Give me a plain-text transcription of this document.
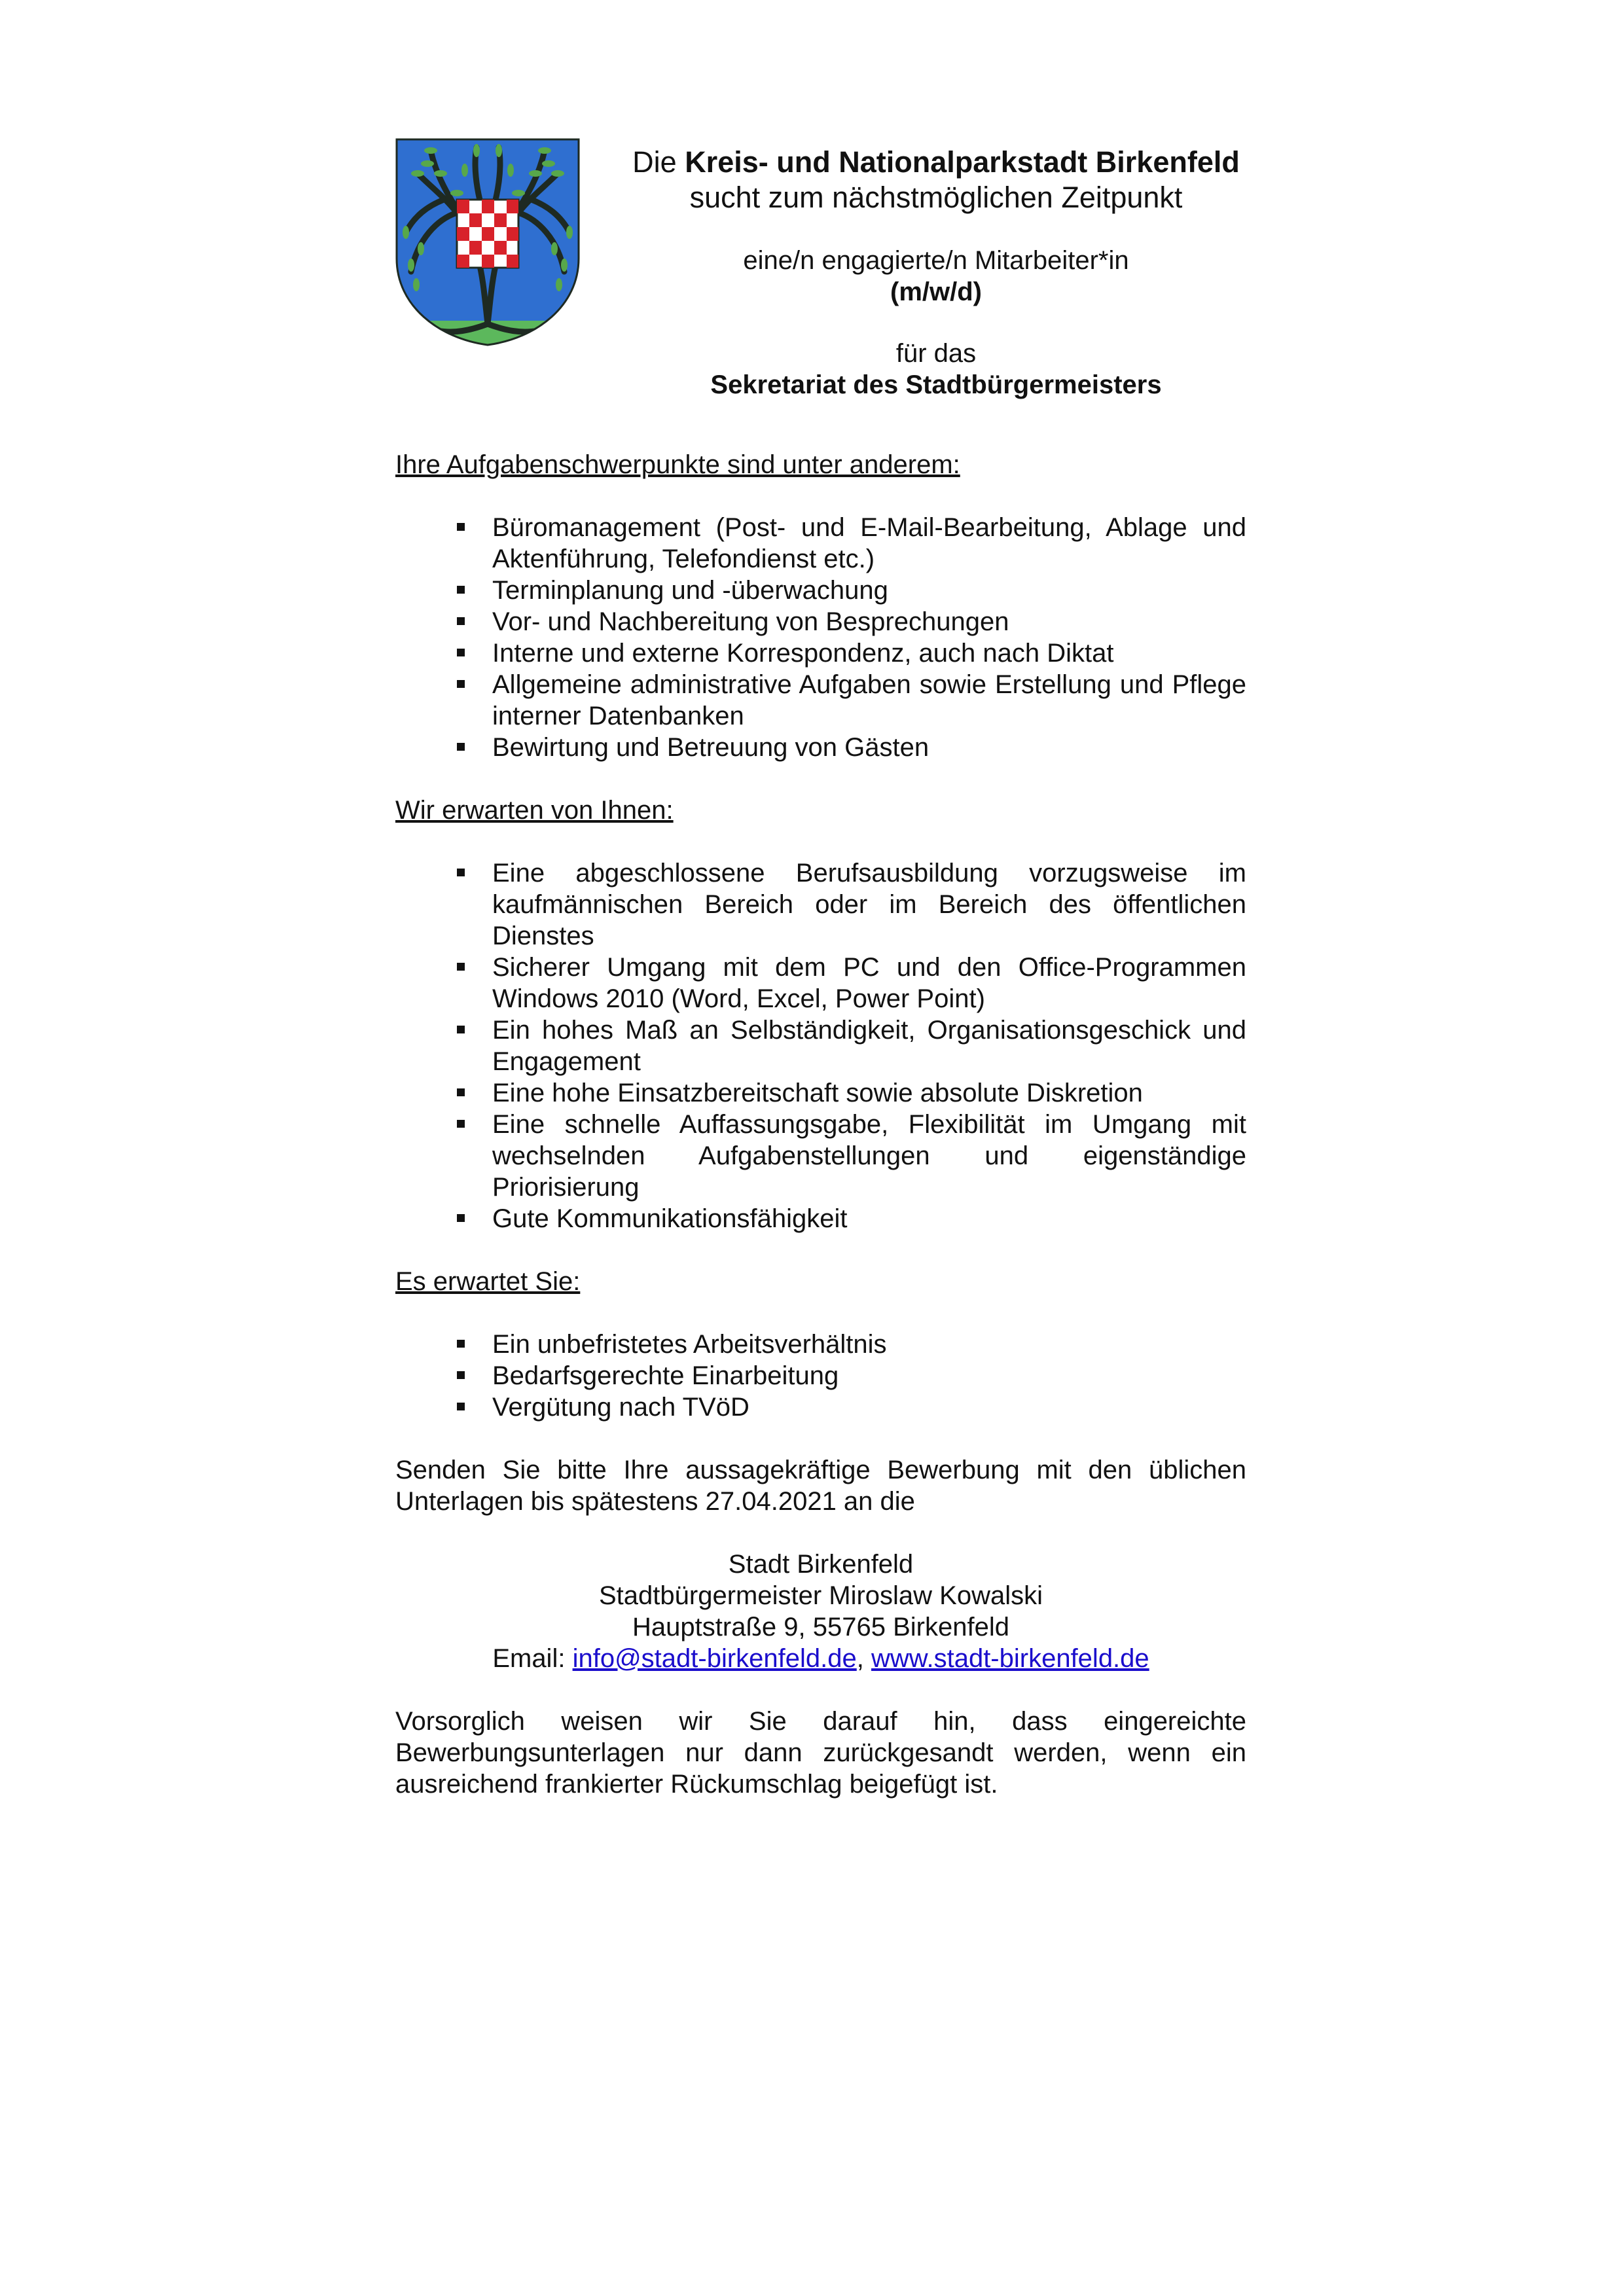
Die Kreis- und Nationalparkstadt Birkenfeld

sucht zum nächstmöglichen Zeitpunkt

eine/n engagierte/n Mitarbeiter*in

(m/w/d)

für das

Sekretariat des Stadtbürgermeisters

Ihre Aufgabenschwerpunkte sind unter anderem:

Büromanagement (Post- und E-Mail-Bearbeitung, Ablage und Aktenführung, Telefondienst etc.)
Terminplanung und -überwachung
Vor- und Nachbereitung von Besprechungen
Interne und externe Korrespondenz, auch nach Diktat
Allgemeine administrative Aufgaben sowie Erstellung und Pflege interner Datenbanken
Bewirtung und Betreuung von Gästen

Wir erwarten von Ihnen:

Eine abgeschlossene Berufsausbildung vorzugsweise im kaufmännischen Bereich oder im Bereich des öffentlichen Dienstes
Sicherer Umgang mit dem PC und den Office-Programmen Windows 2010 (Word, Excel, Power Point)
Ein hohes Maß an Selbständigkeit, Organisationsgeschick und Engagement
Eine hohe Einsatzbereitschaft sowie absolute Diskretion
Eine schnelle Auffassungsgabe, Flexibilität im Umgang mit wechselnden Aufgabenstellungen und eigenständige Priorisierung
Gute Kommunikationsfähigkeit

Es erwartet Sie:

Ein unbefristetes Arbeitsverhältnis
Bedarfsgerechte Einarbeitung
Vergütung nach TVöD

Senden Sie bitte Ihre aussagekräftige Bewerbung mit den üblichen Unterlagen bis spätestens 27.04.2021 an die

Stadt Birkenfeld

Stadtbürgermeister Miroslaw Kowalski

Hauptstraße 9, 55765 Birkenfeld

Email: info@stadt-birkenfeld.de, www.stadt-birkenfeld.de

Vorsorglich weisen wir Sie darauf hin, dass eingereichte Bewerbungsunterlagen nur dann zurückgesandt werden, wenn ein ausreichend frankierter Rückumschlag beigefügt ist.
